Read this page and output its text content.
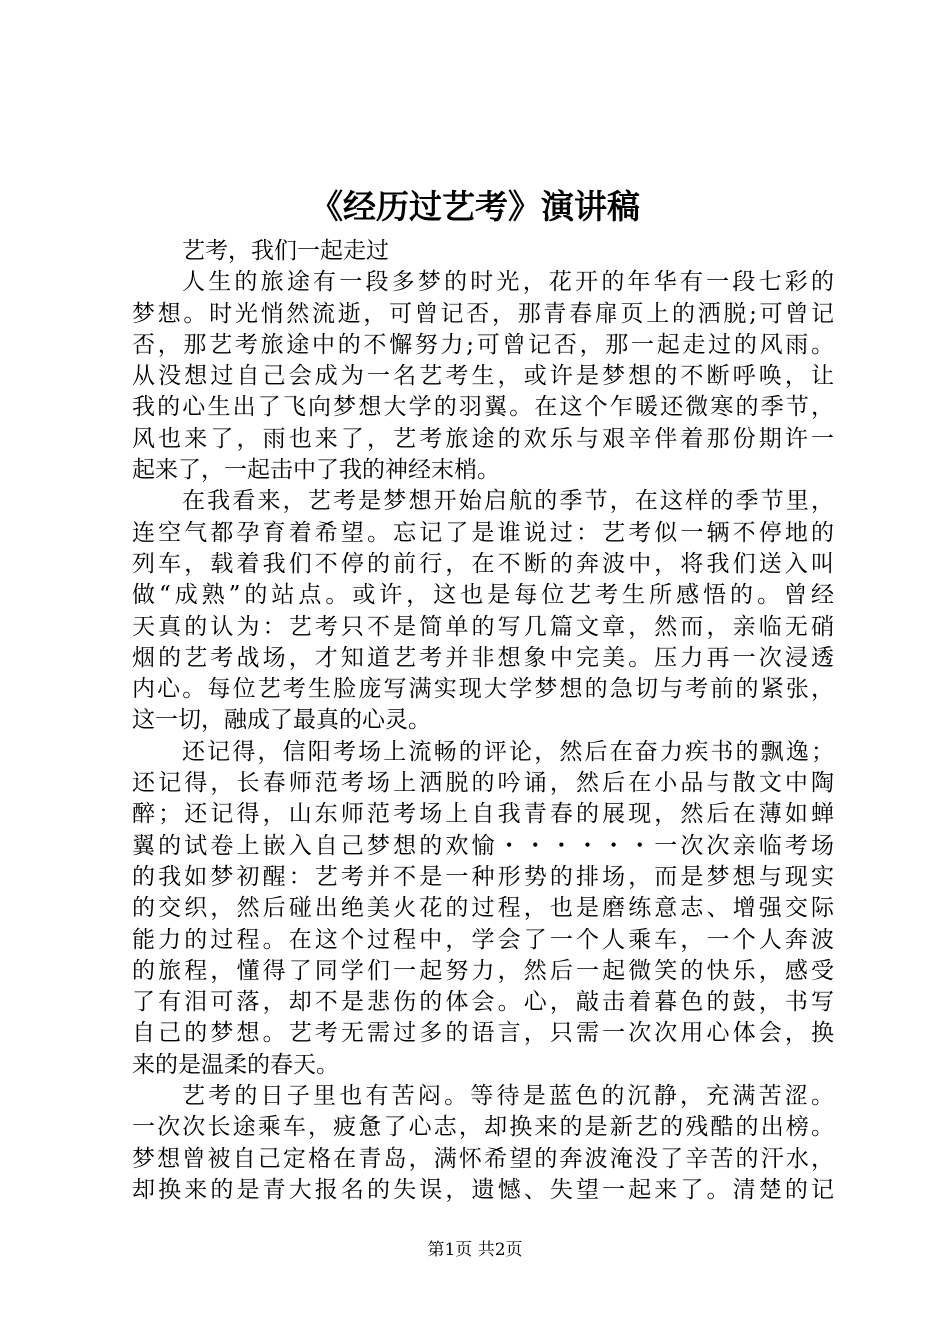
《经历过艺考》演讲稿
艺考，我们一起走过
人生的旅途有一段多梦的时光，花开的年华有一段七彩的
梦想。时光悄然流逝，可曾记否，那青春扉页上的洒脱;可曾记
否，那艺考旅途中的不懈努力;可曾记否，那一起走过的风雨。
从没想过自己会成为一名艺考生，或许是梦想的不断呼唤，让
我的心生出了飞向梦想大学的羽翼。在这个乍暖还微寒的季节，
风也来了，雨也来了，艺考旅途的欢乐与艰辛伴着那份期许一
起来了，一起击中了我的神经末梢。
在我看来，艺考是梦想开始启航的季节，在这样的季节里，
连空气都孕育着希望。忘记了是谁说过：艺考似一辆不停地的
列车，载着我们不停的前行，在不断的奔波中，将我们送入叫
做“成熟”的站点。或许，这也是每位艺考生所感悟的。曾经
天真的认为：艺考只不是简单的写几篇文章，然而，亲临无硝
烟的艺考战场，才知道艺考并非想象中完美。压力再一次浸透
内心。每位艺考生脸庞写满实现大学梦想的急切与考前的紧张，
这一切，融成了最真的心灵。
还记得，信阳考场上流畅的评论，然后在奋力疾书的飘逸；
还记得，长春师范考场上洒脱的吟诵，然后在小品与散文中陶
醉；还记得，山东师范考场上自我青春的展现，然后在薄如蝉
翼的试卷上嵌入自己梦想的欢愉・・・・・・一次次亲临考场
的我如梦初醒：艺考并不是一种形势的排场，而是梦想与现实
的交织，然后碰出绝美火花的过程，也是磨练意志、增强交际
能力的过程。在这个过程中，学会了一个人乘车，一个人奔波
的旅程，懂得了同学们一起努力，然后一起微笑的快乐，感受
了有泪可落，却不是悲伤的体会。心，敲击着暮色的鼓，书写
自己的梦想。艺考无需过多的语言，只需一次次用心体会，换
来的是温柔的春天。
艺考的日子里也有苦闷。等待是蓝色的沉静，充满苦涩。
一次次长途乘车，疲惫了心志，却换来的是新艺的残酷的出榜。
梦想曾被自己定格在青岛，满怀希望的奔波淹没了辛苦的汗水，
却换来的是青大报名的失误，遗憾、失望一起来了。清楚的记
第1页 共2页
